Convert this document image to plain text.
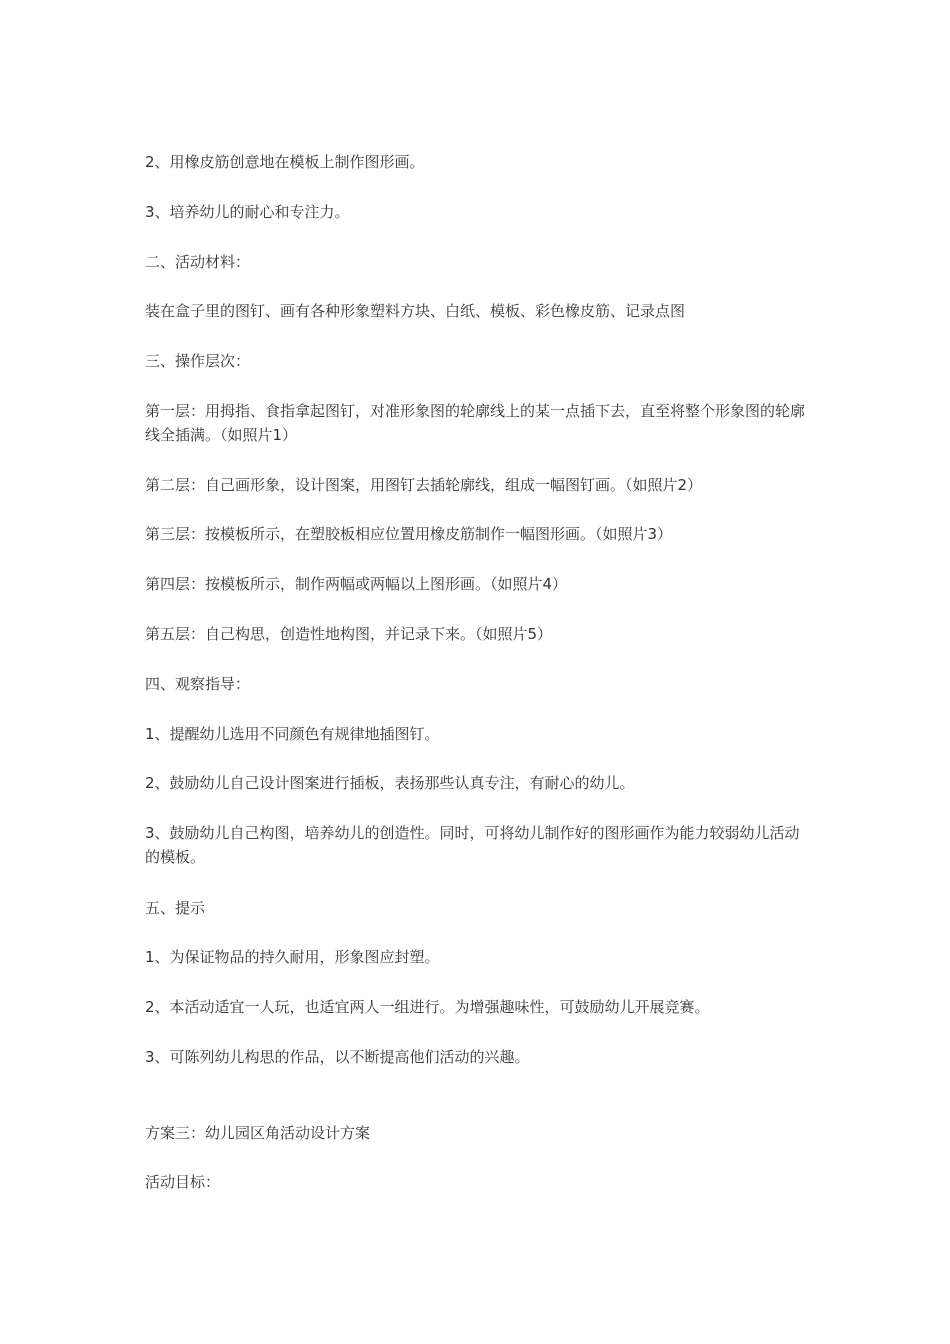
2、用橡皮筋创意地在模板上制作图形画。

3、培养幼儿的耐心和专注力。

二、活动材料：

装在盒子里的图钉、画有各种形象塑料方块、白纸、模板、彩色橡皮筋、记录点图

三、操作层次：

第一层：用拇指、食指拿起图钉，对准形象图的轮廓线上的某一点插下去，直至将整个形象图的轮廓线全插满。（如照片1）

第二层：自己画形象，设计图案，用图钉去插轮廓线，组成一幅图钉画。（如照片2）

第三层：按模板所示，在塑胶板相应位置用橡皮筋制作一幅图形画。（如照片3）

第四层：按模板所示，制作两幅或两幅以上图形画。（如照片4）

第五层：自己构思，创造性地构图，并记录下来。（如照片5）

四、观察指导：

1、提醒幼儿选用不同颜色有规律地插图钉。

2、鼓励幼儿自己设计图案进行插板，表扬那些认真专注，有耐心的幼儿。

3、鼓励幼儿自己构图，培养幼儿的创造性。同时，可将幼儿制作好的图形画作为能力较弱幼儿活动的模板。

五、提示

1、为保证物品的持久耐用，形象图应封塑。

2、本活动适宜一人玩，也适宜两人一组进行。为增强趣味性，可鼓励幼儿开展竞赛。

3、可陈列幼儿构思的作品，以不断提高他们活动的兴趣。

方案三：幼儿园区角活动设计方案

活动目标：
